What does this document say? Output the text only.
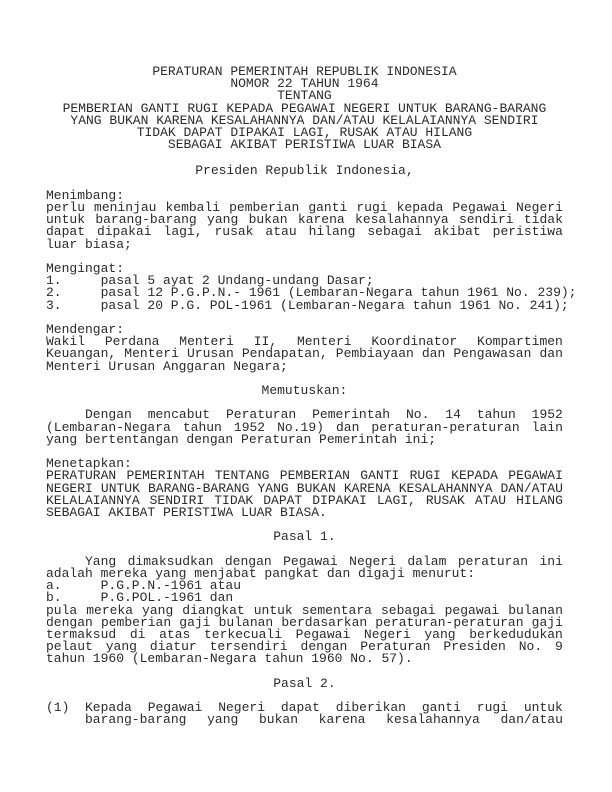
PERATURAN PEMERINTAH REPUBLIK INDONESIA
NOMOR 22 TAHUN 1964
TENTANG
PEMBERIAN GANTI RUGI KEPADA PEGAWAI NEGERI UNTUK BARANG-BARANG
YANG BUKAN KARENA KESALAHANNYA DAN/ATAU KELALAIANNYA SENDIRI
TIDAK DAPAT DIPAKAI LAGI, RUSAK ATAU HILANG
SEBAGAI AKIBAT PERISTIWA LUAR BIASA
Presiden Republik Indonesia,
Menimbang:
perlu meninjau kembali pemberian ganti rugi kepada Pegawai Negeri untuk barang-barang yang bukan karena kesalahannya sendiri tidak dapat dipakai lagi, rusak atau hilang sebagai akibat peristiwa luar biasa;
Mengingat:
1.	pasal 5 ayat 2 Undang-undang Dasar;
2.	pasal 12 P.G.P.N.- 1961 (Lembaran-Negara tahun 1961 No. 239);
3.	pasal 20 P.G. POL-1961 (Lembaran-Negara tahun 1961 No. 241);
Mendengar:
Wakil Perdana Menteri II, Menteri Koordinator Kompartimen Keuangan, Menteri Urusan Pendapatan, Pembiayaan dan Pengawasan dan Menteri Urusan Anggaran Negara;
Memutuskan:
Dengan mencabut Peraturan Pemerintah No. 14 tahun 1952 (Lembaran-Negara tahun 1952 No.19) dan peraturan-peraturan lain yang bertentangan dengan Peraturan Pemerintah ini;
Menetapkan:
PERATURAN PEMERINTAH TENTANG PEMBERIAN GANTI RUGI KEPADA PEGAWAI NEGERI UNTUK BARANG-BARANG YANG BUKAN KARENA KESALAHANNYA DAN/ATAU KELALAIANNYA SENDIRI TIDAK DAPAT DIPAKAI LAGI, RUSAK ATAU HILANG SEBAGAI AKIBAT PERISTIWA LUAR BIASA.
Pasal 1.
Yang dimaksudkan dengan Pegawai Negeri dalam peraturan ini adalah mereka yang menjabat pangkat dan digaji menurut:
a.	P.G.P.N.-1961 atau
b.	P.G.POL.-1961 dan
pula mereka yang diangkat untuk sementara sebagai pegawai bulanan dengan pemberian gaji bulanan berdasarkan peraturan-peraturan gaji termaksud di atas terkecuali Pegawai Negeri yang berkedudukan pelaut yang diatur tersendiri dengan Peraturan Presiden No. 9 tahun 1960 (Lembaran-Negara tahun 1960 No. 57).
Pasal 2.
(1)	Kepada Pegawai Negeri dapat diberikan ganti rugi untuk barang-barang yang bukan karena kesalahannya dan/atau
